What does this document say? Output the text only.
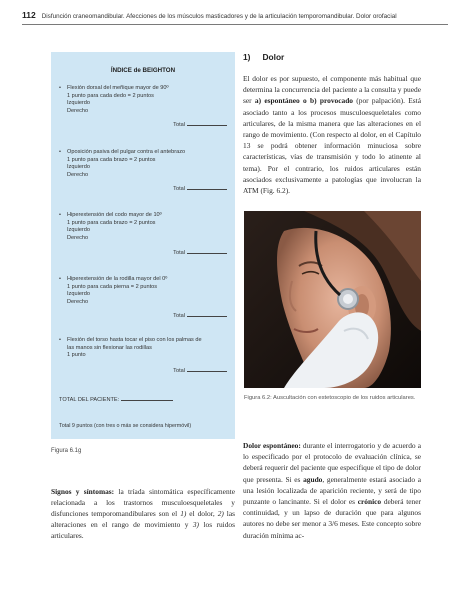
112 Disfunción craneomandibular. Afecciones de los músculos masticadores y de la articulación temporomandibular. Dolor orofacial
ÍNDICE de BEIGHTON
•	Flexión dorsal del meñique mayor de 90º
1 punto para cada dedo = 2 puntos
Izquierdo
Derecho
Total
•	Oposición pasiva del pulgar contra el antebrazo
1 punto para cada brazo = 2 puntos
Izquierdo
Derecho
Total
•	Hiperextensión del codo mayor de 10º
1 punto para cada brazo = 2 puntos
Izquierdo
Derecho
Total
•	Hiperextensión de la rodilla mayor del 0º
1 punto para cada pierna = 2 puntos
Izquierdo
Derecho
Total
•	Flexión del torso hasta tocar el piso con los palmas de
las manos sin flexionar las rodillas
1 punto
Total
TOTAL DEL PACIENTE:
Total 9 puntos (con tres o más se considera hipermóvil)
Figura 6.1g
Signos y síntomas: la tríada sintomática específicamente relacionada a los trastornos musculoesqueletales y disfunciones temporomandibulares son el 1) el dolor, 2) las alteraciones en el rango de movimiento y 3) los ruidos articulares.
1) Dolor
El dolor es por supuesto, el componente más habitual que determina la concurrencia del paciente a la consulta y puede ser a) espontáneo o b) provocado (por palpación). Está asociado tanto a los procesos musculoesqueletales como articulares, de la misma manera que las alteraciones en el rango de movimiento. (Con respecto al dolor, en el Capítulo 13 se podrá obtener información minuciosa sobre características, vías de transmisión y todo lo atinente al tema). Por el contrario, los ruidos articulares están asociados exclusivamente a patologías que involucran la ATM (Fig. 6.2).
Figura 6.2: Auscultación con estetoscopio de los ruidos articulares.
Dolor espontáneo: durante el interrogatorio y de acuerdo a lo especificado por el protocolo de evaluación clínica, se deberá requerir del paciente que especifique el tipo de dolor que presenta. Si es agudo, generalmente estará asociado a una lesión localizada de aparición reciente, y será de tipo punzante o lancinante. Si el dolor es crónico deberá tener continuidad, y un lapso de duración que para algunos autores no debe ser menor a 3/6 meses. Este concepto sobre duración mínima ac-
